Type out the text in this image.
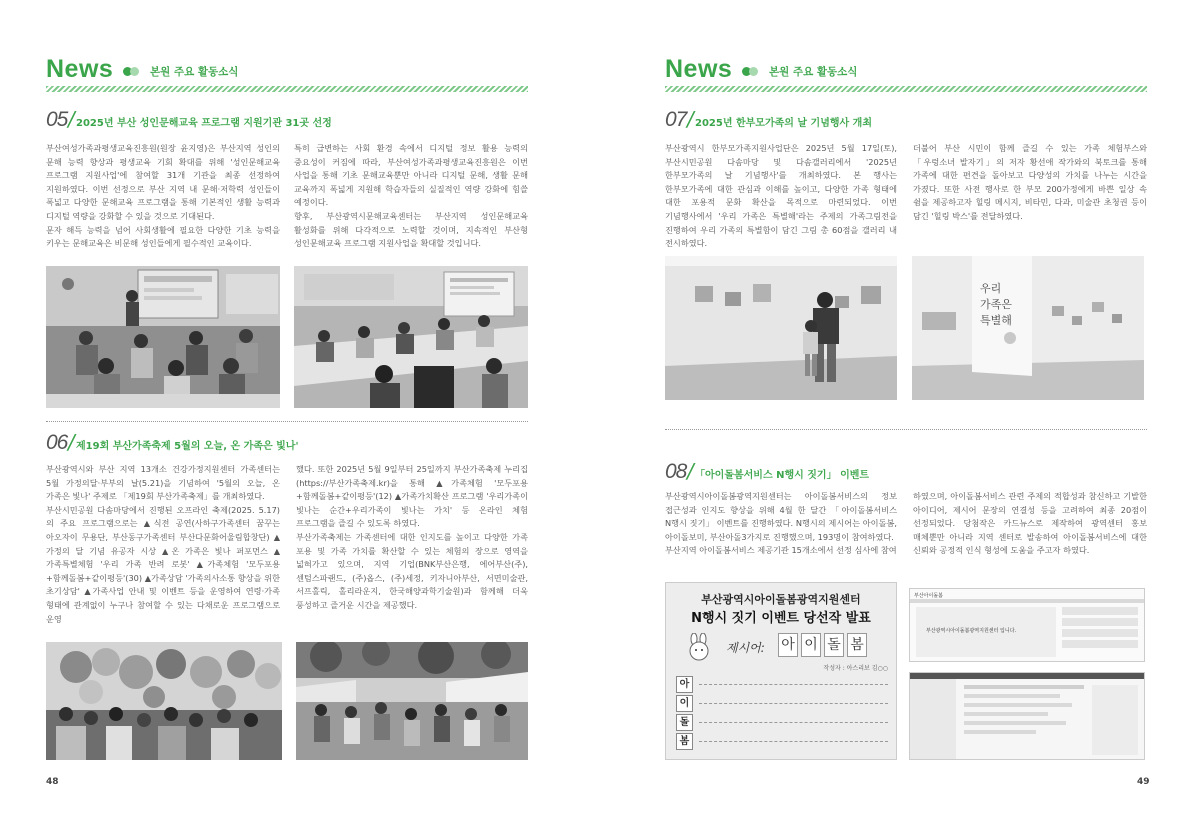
News	본원 주요 활동소식
05 / 2025년 부산 성인문해교육 프로그램 지원기관 31곳 선정

부산여성가족과평생교육진흥원(원장 윤지영)은 부산지역 성인의 문해 능력 향상과 평생교육 기회 확대를 위해 '성인문해교육 프로그램 지원사업'에 참여할 31개 기관을 최종 선정하여 지원하였다. 이번 선정으로 부산 지역 내 문해·저학력 성인들이 폭넓고 다양한 문해교육 프로그램을 통해 기본적인 생활 능력과 디지털 역량을 강화할 수 있을 것으로 기대된다.

문자 해득 능력을 넘어 사회생활에 필요한 다양한 기초 능력을 키우는 문해교육은 비문해 성인들에게 필수적인 교육이다.

특히 급변하는 사회 환경 속에서 디지털 정보 활용 능력의 중요성이 커짐에 따라, 부산여성가족과평생교육진흥원은 이번 사업을 통해 기초 문해교육뿐만 아니라 디지털 문해, 생활 문해 교육까지 폭넓게 지원해 학습자들의 실질적인 역량 강화에 힘쓸 예정이다.

향후, 부산광역시문해교육센터는 부산지역 성인문해교육 활성화를 위해 다각적으로 노력할 것이며, 지속적인 부산형 성인문해교육 프로그램 지원사업을 확대할 것입니다.

06 / 제19회 부산가족축제 5월의 오늘, 온 가족은 빛나'

부산광역시와 부산 지역 13개소 건강가정지원센터 가족센터는 5월 가정의달·부부의 날(5.21)을 기념하여 '5월의 오늘, 온 가족은 빛나' 주제로 「제19회 부산가족축제」를 개최하였다.

부산시민공원 다솜마당에서 진행된 오프라인 축제(2025. 5.17)의 주요 프로그램으로는 ▲식전 공연(사하구가족센터 꿈꾸는 아오자이 무용단, 부산동구가족센터 부산다문화어울림합창단) ▲가정의 달 기념 유공자 시상 ▲온 가족은 빛나 퍼포먼스 ▲가족특별체험 '우리 가족 반려 로봇' ▲가족체험 '모두포용+함께돌봄+같이평등'(30) ▲가족상담 '가족의사소통 향상을 위한 초기상담' ▲가족사업 안내 및 이벤트 등을 운영하여 연령·가족 형태에 관계없이 누구나 참여할 수 있는 다채로운 프로그램으로 운영

했다. 또한 2025년 5월 9일부터 25일까지 부산가족축제 누리집(https://부산가족축제.kr)을 통해 ▲가족체험 '모두포용+함께돌봄+같이평등'(12) ▲가족가치확산 프로그램 '우리가족이 빛나는 순간+우리가족이 빛나는 가치' 등 온라인 체험 프로그램을 즐길 수 있도록 하였다.

부산가족축제는 가족센터에 대한 인지도를 높이고 다양한 가족 포용 및 가족 가치를 확산할 수 있는 체험의 장으로 영역을 넓혀가고 있으며, 지역 기업(BNK부산은행, 에어부산(주), 센텀스파랜드, (주)옵스, (주)세정, 키자니아부산, 서면미술관, 서프홀릭, 홀리라운지, 한국해양과학기술원)과 함께해 더욱 풍성하고 즐거운 시간을 제공했다.

48
News	본원 주요 활동소식
07 / 2025년 한부모가족의 날 기념행사 개최

부산광역시 한부모가족지원사업단은 2025년 5월 17일(토), 부산시민공원 다솜마당 및 다솜갤러리에서 '2025년 한부모가족의 날 기념행사'를 개최하였다. 본 행사는 한부모가족에 대한 관심과 이해를 높이고, 다양한 가족 형태에 대한 포용적 문화 확산을 목적으로 마련되었다. 이번 기념행사에서 '우리 가족은 특별해'라는 주제의 가족그림전을 진행하여 우리 가족의 특별함이 담긴 그림 총 60점을 갤러리 내 전시하였다.

더불어 부산 시민이 함께 즐길 수 있는 가족 체험부스와 「우렁소녀 발자기」의 저자 황선애 작가와의 북토크를 통해 가족에 대한 편견을 돌아보고 다양성의 가치를 나누는 시간을 가졌다. 또한 사전 행사로 한 부모 200가정에게 바쁜 일상 속 쉼을 제공하고자 힐링 메시지, 비타민, 다과, 미술관 초청권 등이 담긴 '힐링 박스'를 전달하였다.

우리
가족은
특별해
08 / 「아이돌봄서비스 N행시 짓기」 이벤트

부산광역시아이돌봄광역지원센터는 아이돌봄서비스의 정보 접근성과 인지도 향상을 위해 4월 한 달간 「아이돌봄서비스 N행시 짓기」 이벤트를 진행하였다. N행시의 제시어는 아이돌봄, 아이돌보미, 부산아돌3가지로 진행했으며, 193명이 참여하였다.

부산지역 아이돌봄서비스 제공기관 15개소에서 선정 심사에 참여

하였으며, 아이돌봄서비스 관련 주제의 적합성과 참신하고 기발한 아이디어, 제시어 문장의 연결성 등을 고려하여 최종 20점이 선정되었다. 당첨작은 카드뉴스로 제작하여 광역센터 홍보 매체뿐만 아니라 지역 센터로 발송하여 아이돌봄서비스에 대한 신뢰와 공정적 인식 형성에 도움을 주고자 하였다.

부산광역시아이돌봄광역지원센터
N행시 짓기 이벤트 당선작 발표
제시어: 아 이 돌 봄
작성자 : 아스리보 김○○
아
이
돌
봄
부산아이돌봄
부산광역시아이돌봄광역지원센터 입니다.
49
